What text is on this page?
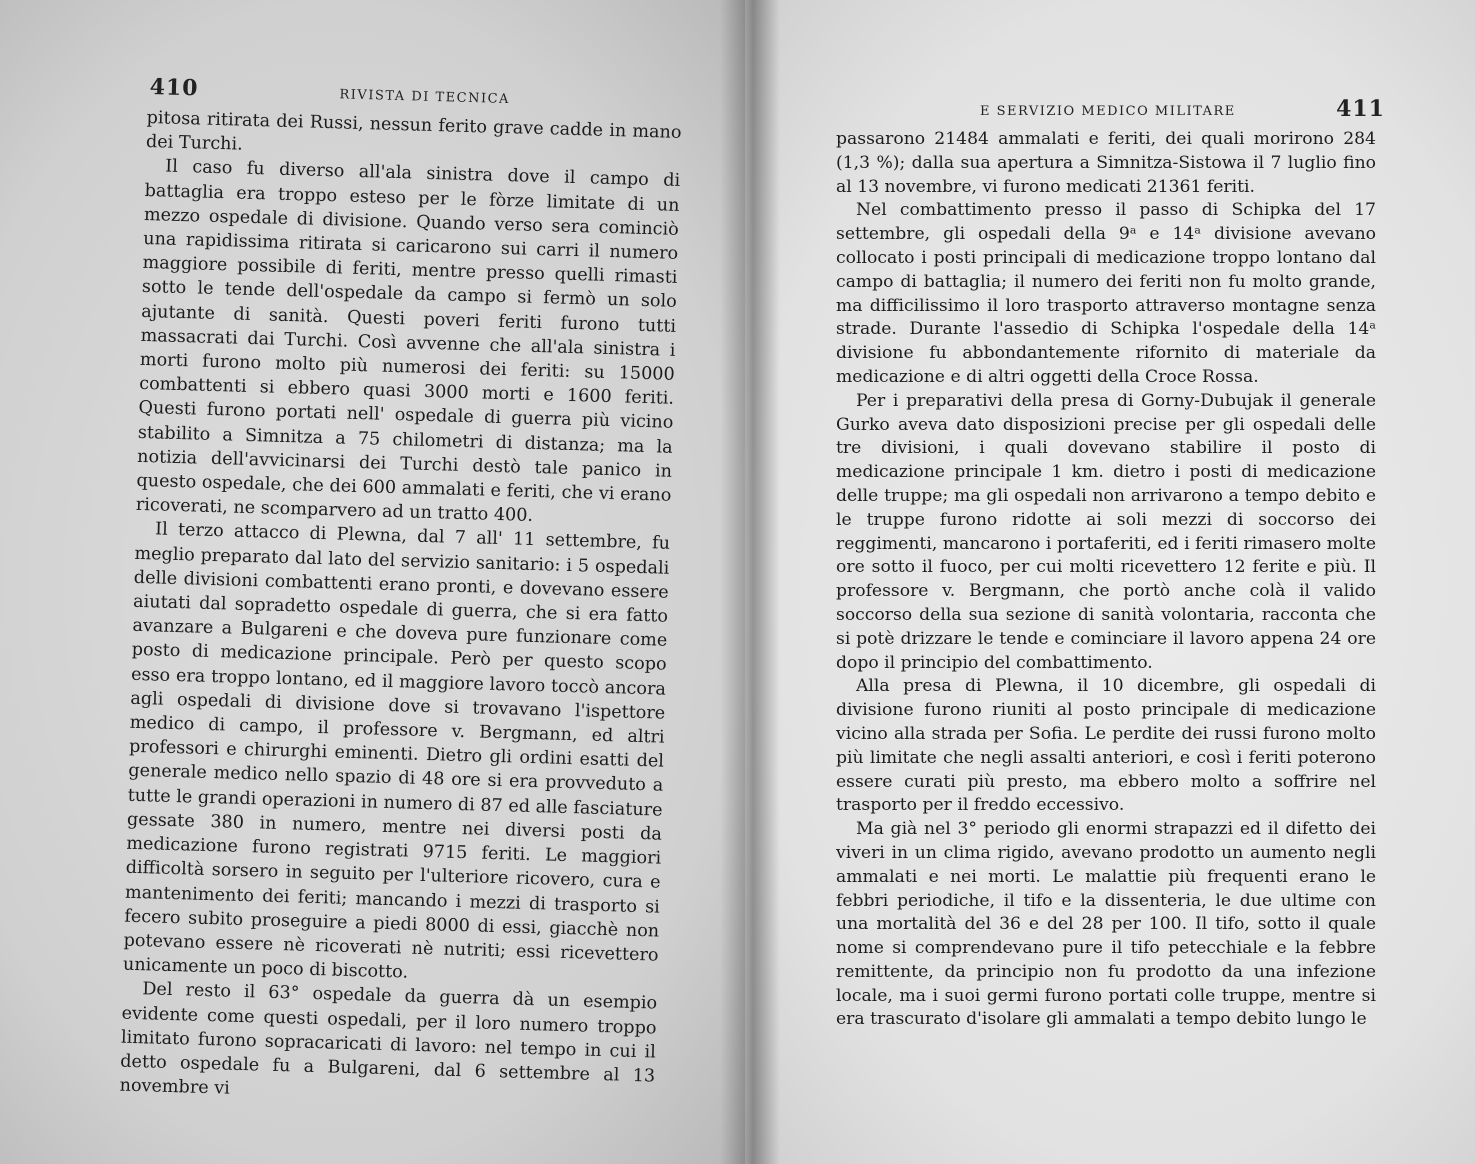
410	RIVISTA DI TECNICA

pitosa ritirata dei Russi, nessun ferito grave cadde in mano dei Turchi.

Il caso fu diverso all'ala sinistra dove il campo di battaglia era troppo esteso per le fòrze limitate di un mezzo ospedale di divisione. Quando verso sera cominciò una rapidissima ritirata si caricarono sui carri il numero maggiore possibile di feriti, mentre presso quelli rimasti sotto le tende dell'ospedale da campo si fermò un solo ajutante di sanità. Questi poveri feriti furono tutti massacrati dai Turchi. Così avvenne che all'ala sinistra i morti furono molto più numerosi dei feriti: su 15000 combattenti si ebbero quasi 3000 morti e 1600 feriti. Questi furono portati nell' ospedale di guerra più vicino stabilito a Simnitza a 75 chilometri di distanza; ma la notizia dell'avvicinarsi dei Turchi destò tale panico in questo ospedale, che dei 600 ammalati e feriti, che vi erano ricoverati, ne scomparvero ad un tratto 400.

Il terzo attacco di Plewna, dal 7 all' 11 settembre, fu meglio preparato dal lato del servizio sanitario: i 5 ospedali delle divisioni combattenti erano pronti, e dovevano essere aiutati dal sopradetto ospedale di guerra, che si era fatto avanzare a Bulgareni e che doveva pure funzionare come posto di medicazione principale. Però per questo scopo esso era troppo lontano, ed il maggiore lavoro toccò ancora agli ospedali di divisione dove si trovavano l'ispettore medico di campo, il professore v. Bergmann, ed altri professori e chirurghi eminenti. Dietro gli ordini esatti del generale medico nello spazio di 48 ore si era provveduto a tutte le grandi operazioni in numero di 87 ed alle fasciature gessate 380 in numero, mentre nei diversi posti da medicazione furono registrati 9715 feriti. Le maggiori difficoltà sorsero in seguito per l'ulteriore ricovero, cura e mantenimento dei feriti; mancando i mezzi di trasporto si fecero subito proseguire a piedi 8000 di essi, giacchè non potevano essere nè ricoverati nè nutriti; essi ricevettero unicamente un poco di biscotto.

Del resto il 63° ospedale da guerra dà un esempio evidente come questi ospedali, per il loro numero troppo limitato furono sopracaricati di lavoro: nel tempo in cui il detto ospedale fu a Bulgareni, dal 6 settembre al 13 novembre vi

E SERVIZIO MEDICO MILITARE	411

passarono 21484 ammalati e feriti, dei quali morirono 284 (1,3 %); dalla sua apertura a Simnitza-Sistowa il 7 luglio fino al 13 novembre, vi furono medicati 21361 feriti.

Nel combattimento presso il passo di Schipka del 17 settembre, gli ospedali della 9ᵃ e 14ᵃ divisione avevano collocato i posti principali di medicazione troppo lontano dal campo di battaglia; il numero dei feriti non fu molto grande, ma difficilissimo il loro trasporto attraverso montagne senza strade. Durante l'assedio di Schipka l'ospedale della 14ᵃ divisione fu abbondantemente rifornito di materiale da medicazione e di altri oggetti della Croce Rossa.

Per i preparativi della presa di Gorny-Dubujak il generale Gurko aveva dato disposizioni precise per gli ospedali delle tre divisioni, i quali dovevano stabilire il posto di medicazione principale 1 km. dietro i posti di medicazione delle truppe; ma gli ospedali non arrivarono a tempo debito e le truppe furono ridotte ai soli mezzi di soccorso dei reggimenti, mancarono i portaferiti, ed i feriti rimasero molte ore sotto il fuoco, per cui molti ricevettero 12 ferite e più. Il professore v. Bergmann, che portò anche colà il valido soccorso della sua sezione di sanità volontaria, racconta che si potè drizzare le tende e cominciare il lavoro appena 24 ore dopo il principio del combattimento.

Alla presa di Plewna, il 10 dicembre, gli ospedali di divisione furono riuniti al posto principale di medicazione vicino alla strada per Sofia. Le perdite dei russi furono molto più limitate che negli assalti anteriori, e così i feriti poterono essere curati più presto, ma ebbero molto a soffrire nel trasporto per il freddo eccessivo.

Ma già nel 3° periodo gli enormi strapazzi ed il difetto dei viveri in un clima rigido, avevano prodotto un aumento negli ammalati e nei morti. Le malattie più frequenti erano le febbri periodiche, il tifo e la dissenteria, le due ultime con una mortalità del 36 e del 28 per 100. Il tifo, sotto il quale nome si comprendevano pure il tifo petecchiale e la febbre remittente, da principio non fu prodotto da una infezione locale, ma i suoi germi furono portati colle truppe, mentre si era trascurato d'isolare gli ammalati a tempo debito lungo le
